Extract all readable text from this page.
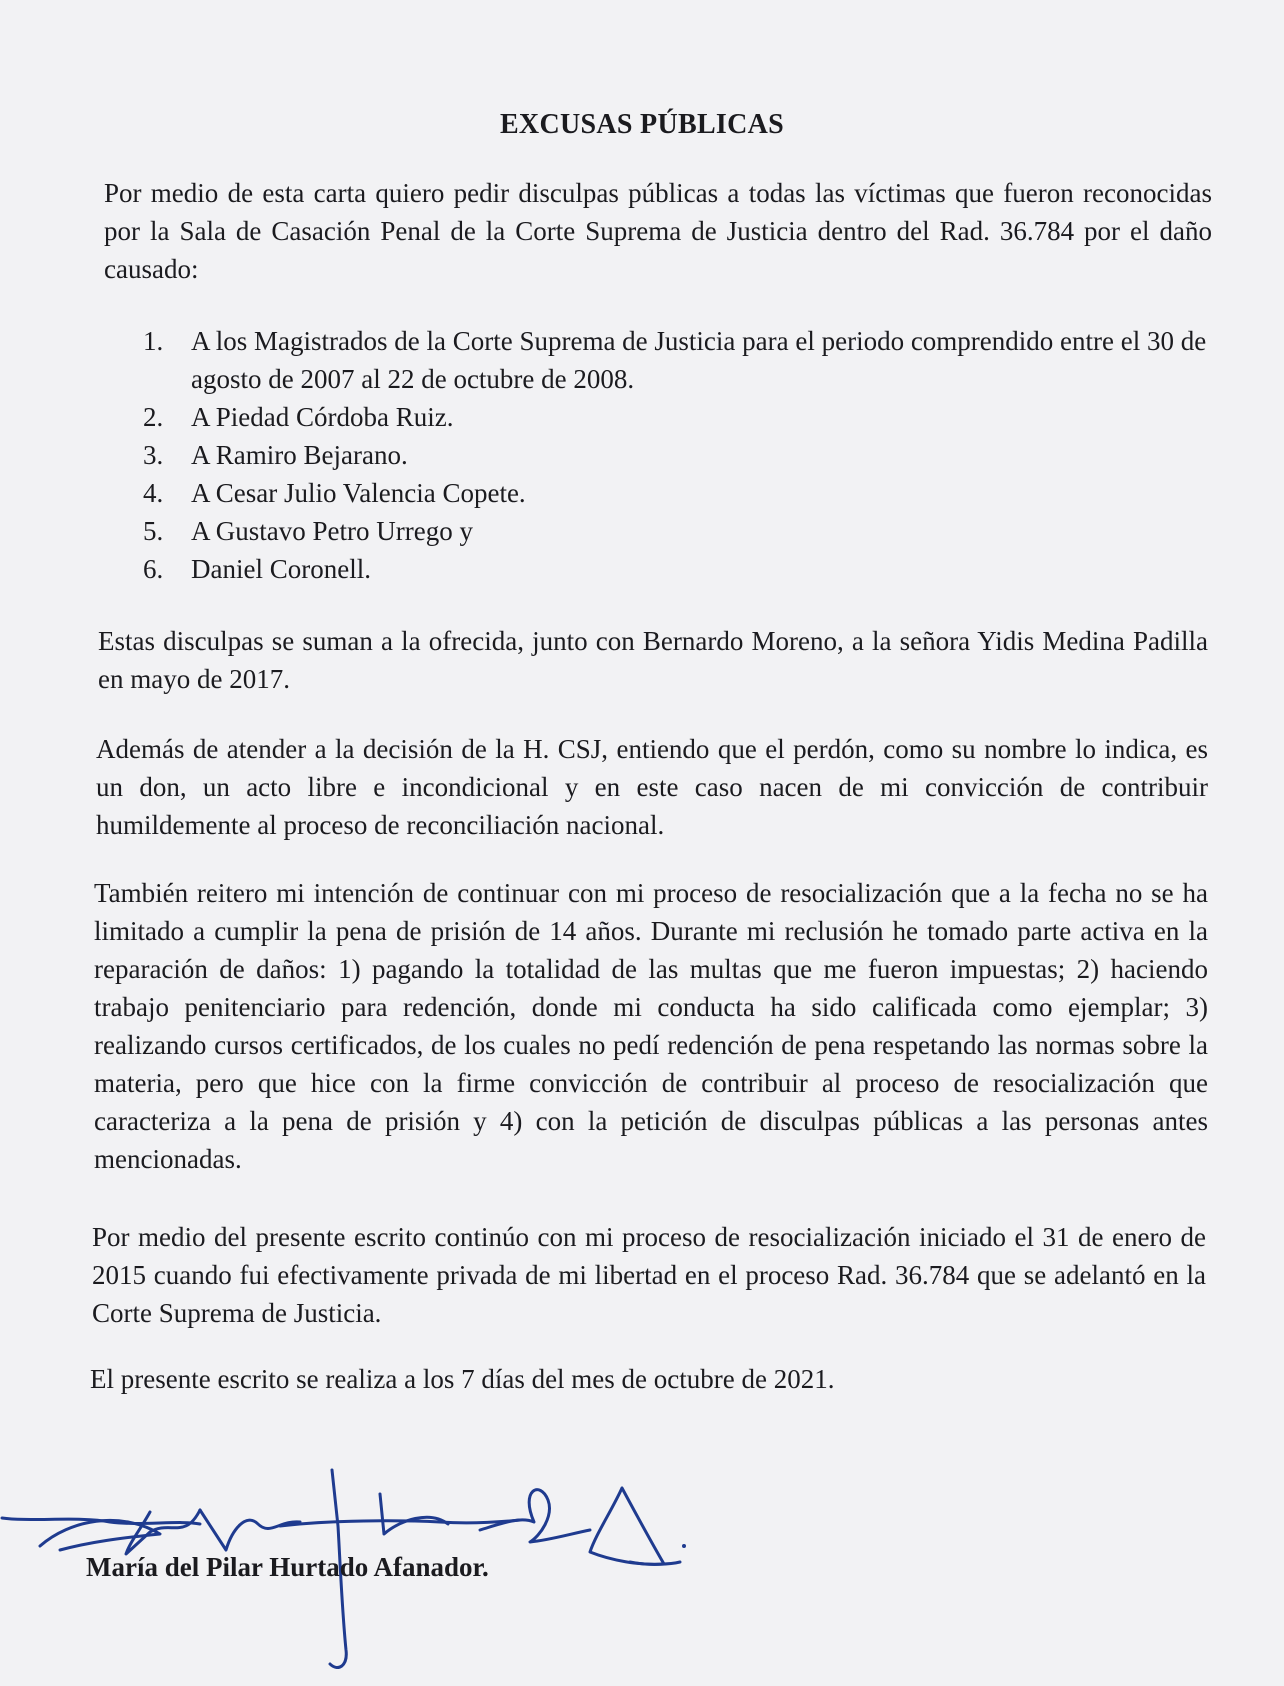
EXCUSAS PÚBLICAS

Por medio de esta carta quiero pedir disculpas públicas a todas las víctimas que fueron reconocidas por la Sala de Casación Penal de la Corte Suprema de Justicia dentro del Rad. 36.784 por el daño causado:

1. A los Magistrados de la Corte Suprema de Justicia para el periodo comprendido entre el 30 de agosto de 2007 al 22 de octubre de 2008.
2. A Piedad Córdoba Ruiz.
3. A Ramiro Bejarano.
4. A Cesar Julio Valencia Copete.
5. A Gustavo Petro Urrego y
6. Daniel Coronell.

Estas disculpas se suman a la ofrecida, junto con Bernardo Moreno, a la señora Yidis Medina Padilla en mayo de 2017.

Además de atender a la decisión de la H. CSJ, entiendo que el perdón, como su nombre lo indica, es un don, un acto libre e incondicional y en este caso nacen de mi convicción de contribuir humildemente al proceso de reconciliación nacional.

También reitero mi intención de continuar con mi proceso de resocialización que a la fecha no se ha limitado a cumplir la pena de prisión de 14 años. Durante mi reclusión he tomado parte activa en la reparación de daños: 1) pagando la totalidad de las multas que me fueron impuestas; 2) haciendo trabajo penitenciario para redención, donde mi conducta ha sido calificada como ejemplar; 3) realizando cursos certificados, de los cuales no pedí redención de pena respetando las normas sobre la materia, pero que hice con la firme convicción de contribuir al proceso de resocialización que caracteriza a la pena de prisión y 4) con la petición de disculpas públicas a las personas antes mencionadas.

Por medio del presente escrito continúo con mi proceso de resocialización iniciado el 31 de enero de 2015 cuando fui efectivamente privada de mi libertad en el proceso Rad. 36.784 que se adelantó en la Corte Suprema de Justicia.

El presente escrito se realiza a los 7 días del mes de octubre de 2021.

María del Pilar Hurtado Afanador.
